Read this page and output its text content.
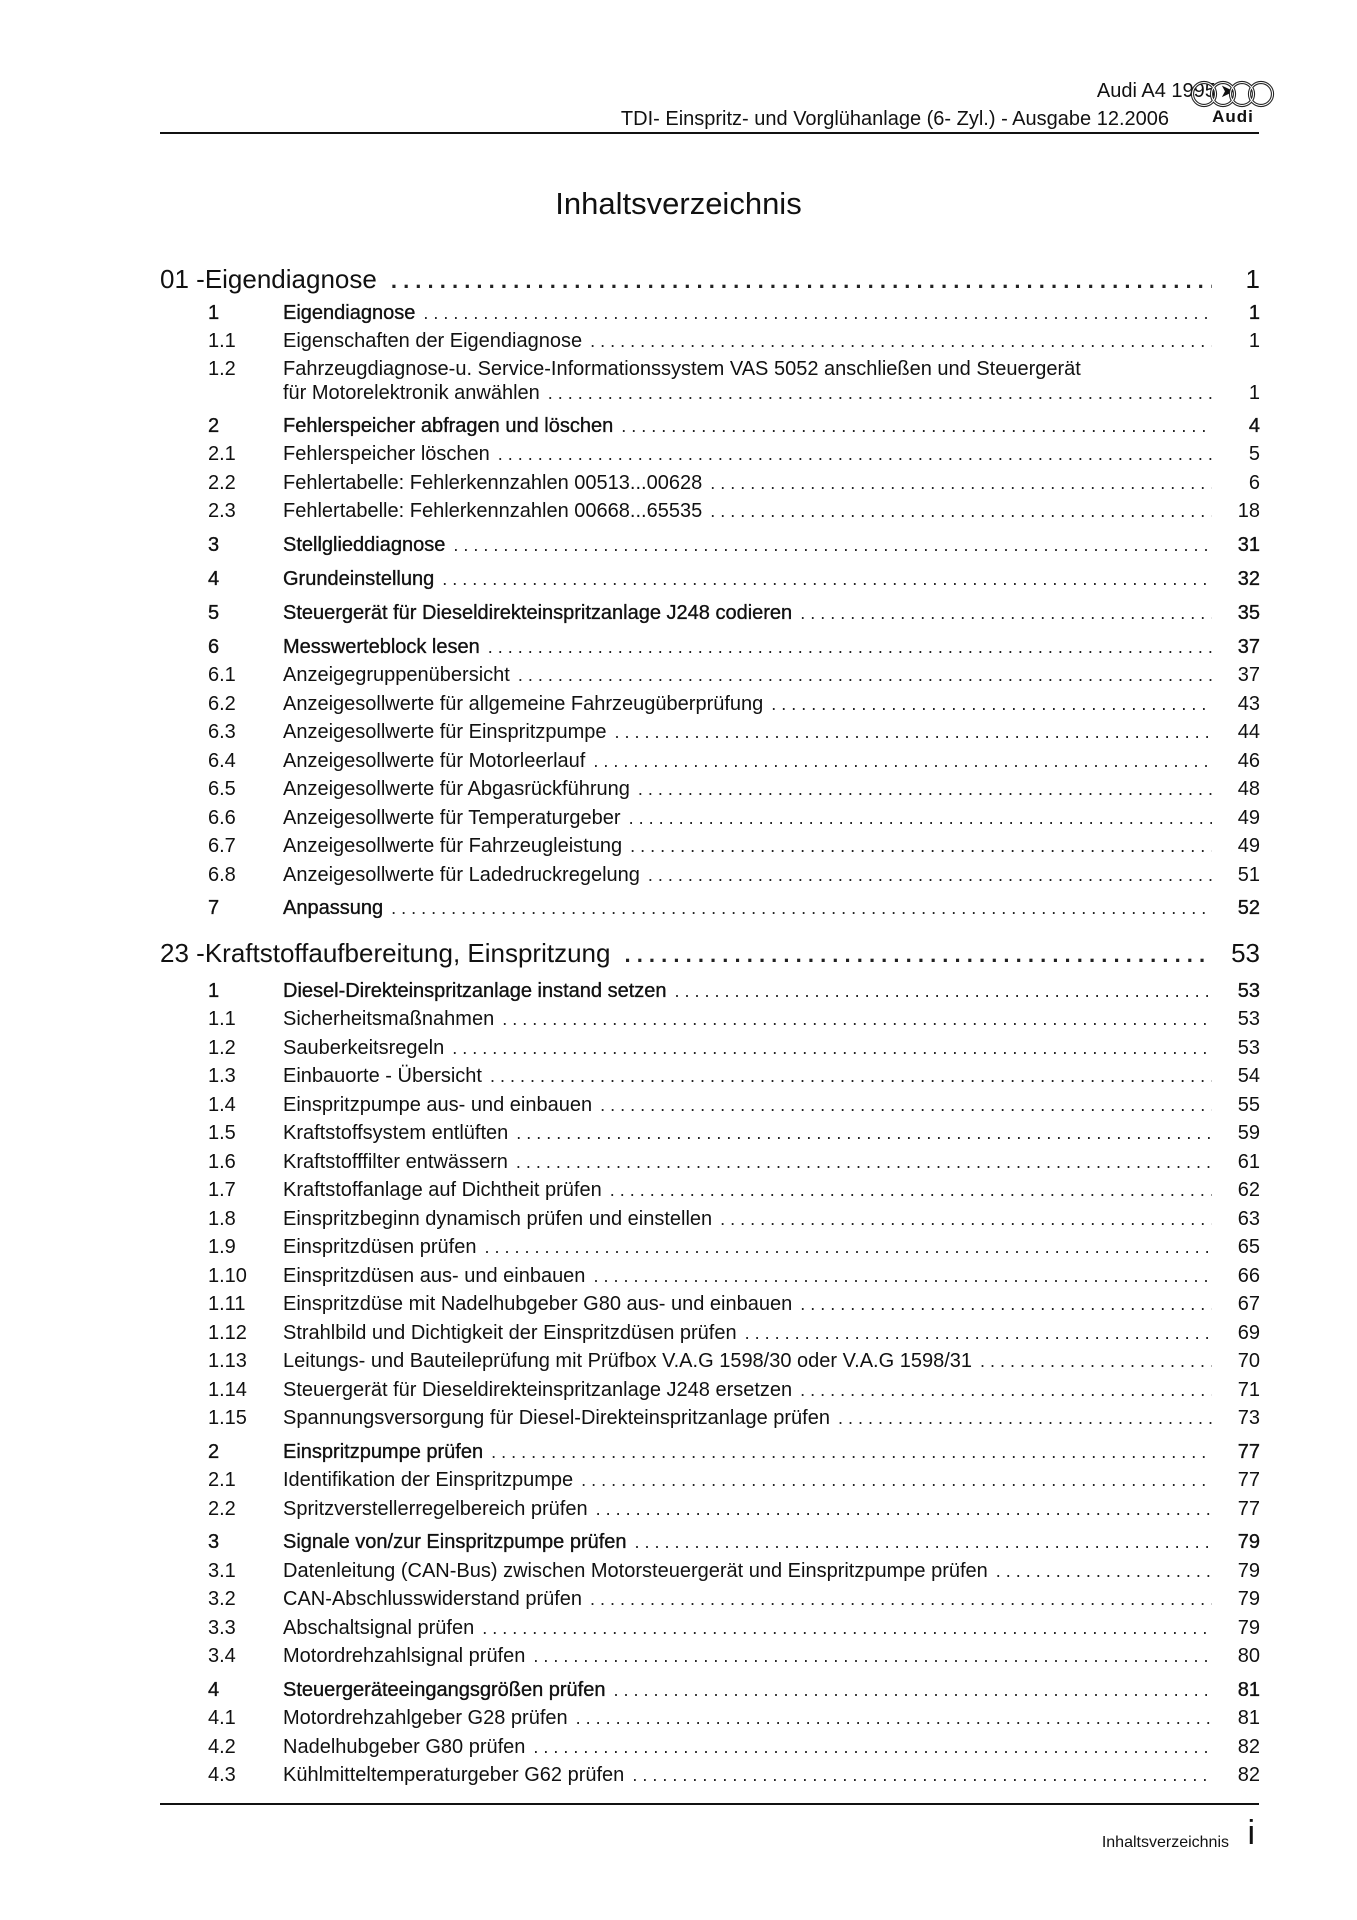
Audi A4 1995 ➤
TDI- Einspritz- und Vorglühanlage (6- Zyl.) - Ausgabe 12.2006	Audi
Inhaltsverzeichnis
01 - Eigendiagnose . . .	1
1	Eigendiagnose . . .	1
1.1	Eigenschaften der Eigendiagnose . . .	1
1.2	Fahrzeugdiagnose-u. Service-Informationssystem VAS 5052 anschließen und Steuergerät
für Motorelektronik anwählen . . .	1
2	Fehlerspeicher abfragen und löschen . . .	4
2.1	Fehlerspeicher löschen . . .	5
2.2	Fehlertabelle: Fehlerkennzahlen 00513...00628 . . .	6
2.3	Fehlertabelle: Fehlerkennzahlen 00668...65535 . . .	18
3	Stellglieddiagnose . . .	31
4	Grundeinstellung . . .	32
5	Steuergerät für Dieseldirekteinspritzanlage J248 codieren . . .	35
6	Messwerteblock lesen . . .	37
6.1	Anzeigegruppenübersicht . . .	37
6.2	Anzeigesollwerte für allgemeine Fahrzeugüberprüfung . . .	43
6.3	Anzeigesollwerte für Einspritzpumpe . . .	44
6.4	Anzeigesollwerte für Motorleerlauf . . .	46
6.5	Anzeigesollwerte für Abgasrückführung . . .	48
6.6	Anzeigesollwerte für Temperaturgeber . . .	49
6.7	Anzeigesollwerte für Fahrzeugleistung . . .	49
6.8	Anzeigesollwerte für Ladedruckregelung . . .	51
7	Anpassung . . .	52
23 - Kraftstoffaufbereitung, Einspritzung . . .	53
1	Diesel-Direkteinspritzanlage instand setzen . . .	53
1.1	Sicherheitsmaßnahmen . . .	53
1.2	Sauberkeitsregeln . . .	53
1.3	Einbauorte - Übersicht . . .	54
1.4	Einspritzpumpe aus- und einbauen . . .	55
1.5	Kraftstoffsystem entlüften . . .	59
1.6	Kraftstofffilter entwässern . . .	61
1.7	Kraftstoffanlage auf Dichtheit prüfen . . .	62
1.8	Einspritzbeginn dynamisch prüfen und einstellen . . .	63
1.9	Einspritzdüsen prüfen . . .	65
1.10	Einspritzdüsen aus- und einbauen . . .	66
1.11	Einspritzdüse mit Nadelhubgeber G80 aus- und einbauen . . .	67
1.12	Strahlbild und Dichtigkeit der Einspritzdüsen prüfen . . .	69
1.13	Leitungs- und Bauteileprüfung mit Prüfbox V.A.G 1598/30 oder V.A.G 1598/31 . . .	70
1.14	Steuergerät für Dieseldirekteinspritzanlage J248 ersetzen . . .	71
1.15	Spannungsversorgung für Diesel-Direkteinspritzanlage prüfen . . .	73
2	Einspritzpumpe prüfen . . .	77
2.1	Identifikation der Einspritzpumpe . . .	77
2.2	Spritzverstellerregelbereich prüfen . . .	77
3	Signale von/zur Einspritzpumpe prüfen . . .	79
3.1	Datenleitung (CAN-Bus) zwischen Motorsteuergerät und Einspritzpumpe prüfen . . .	79
3.2	CAN-Abschlusswiderstand prüfen . . .	79
3.3	Abschaltsignal prüfen . . .	79
3.4	Motordrehzahlsignal prüfen . . .	80
4	Steuergeräteeingangsgrößen prüfen . . .	81
4.1	Motordrehzahlgeber G28 prüfen . . .	81
4.2	Nadelhubgeber G80 prüfen . . .	82
4.3	Kühlmitteltemperaturgeber G62 prüfen . . .	82
Inhaltsverzeichnis i
